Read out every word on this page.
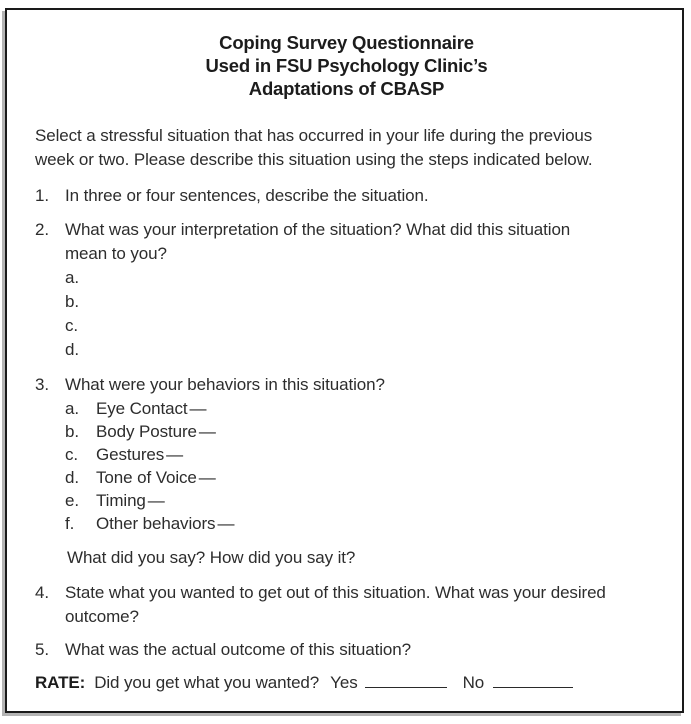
Coping Survey Questionnaire
Used in FSU Psychology Clinic’s
Adaptations of CBASP
Select a stressful situation that has occurred in your life during the previous
week or two. Please describe this situation using the steps indicated below.
1. In three or four sentences, describe the situation.
2. What was your interpretation of the situation? What did this situation
mean to you?
a.
b.
c.
d.
3. What were your behaviors in this situation?
a.	Eye Contact —
b.	Body Posture —
c.	Gestures —
d.	Tone of Voice —
e.	Timing —
f.	Other behaviors —
What did you say? How did you say it?
4. State what you wanted to get out of this situation. What was your desired
outcome?
5. What was the actual outcome of this situation?
RATE: Did you get what you wanted? Yes	No
